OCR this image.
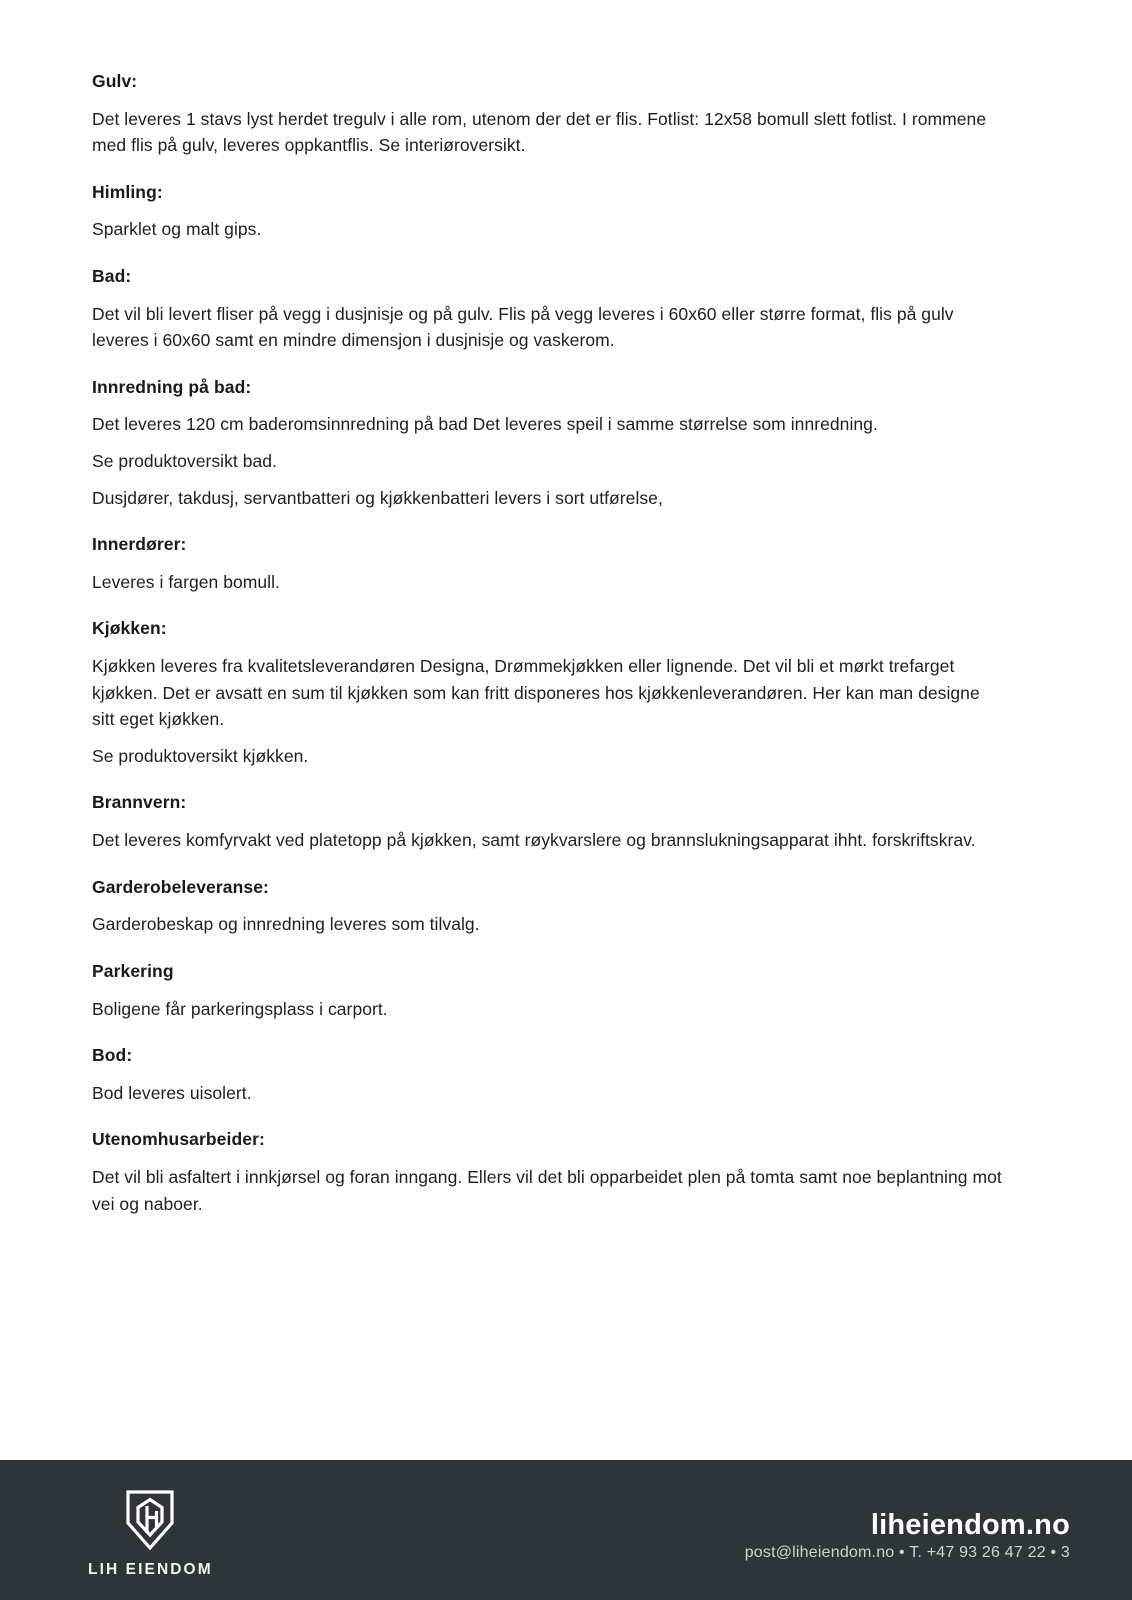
Gulv:

Det leveres 1 stavs lyst herdet tregulv i alle rom, utenom der det er flis. Fotlist: 12x58 bomull slett fotlist. I rommene med flis på gulv, leveres oppkantflis. Se interiøroversikt.

Himling:

Sparklet og malt gips.

Bad:

Det vil bli levert fliser på vegg i dusjnisje og på gulv. Flis på vegg leveres i 60x60 eller større format, flis på gulv leveres i 60x60 samt en mindre dimensjon i dusjnisje og vaskerom.

Innredning på bad:

Det leveres 120 cm baderomsinnredning på bad Det leveres speil i samme størrelse som innredning.

Se produktoversikt bad.

Dusjdører, takdusj, servantbatteri og kjøkkenbatteri levers i sort utførelse,

Innerdører:

Leveres i fargen bomull.

Kjøkken:

Kjøkken leveres fra kvalitetsleverandøren Designa, Drømmekjøkken eller lignende. Det vil bli et mørkt trefarget kjøkken. Det er avsatt en sum til kjøkken som kan fritt disponeres hos kjøkkenleverandøren. Her kan man designe sitt eget kjøkken.

Se produktoversikt kjøkken.

Brannvern:

Det leveres komfyrvakt ved platetopp på kjøkken, samt røykvarslere og brannslukningsapparat ihht. forskriftskrav.

Garderobeleveranse:

Garderobeskap og innredning leveres som tilvalg.

Parkering

Boligene får parkeringsplass i carport.

Bod:

Bod leveres uisolert.

Utenomhusarbeider:

Det vil bli asfaltert i innkjørsel og foran inngang. Ellers vil det bli opparbeidet plen på tomta samt noe beplantning mot vei og naboer.

LIH EIENDOM
liheiendom.no
post@liheiendom.no • T. +47 93 26 47 22 • 3
